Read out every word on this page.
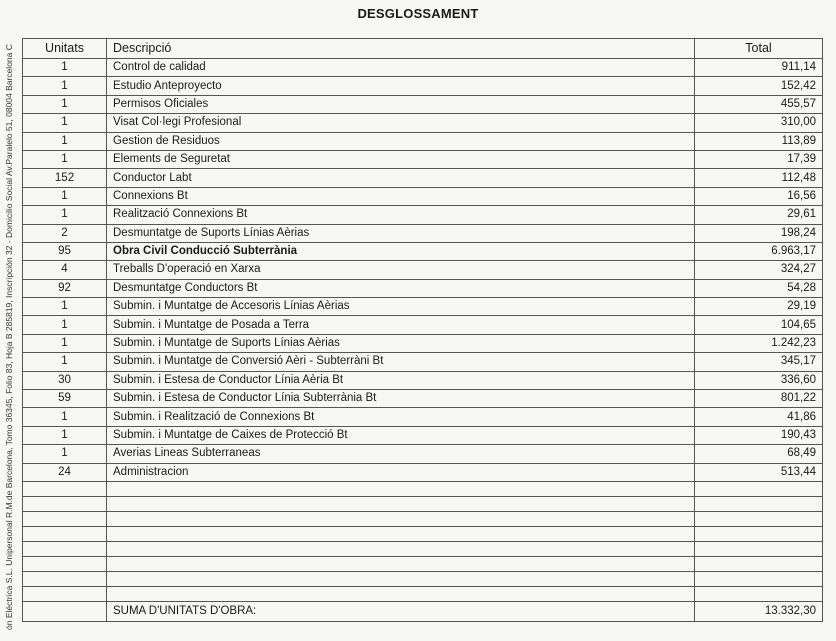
ón Eléctrica S.L. Unipersonal R.M.de Barcelona, Tomo 36345, Folio 83, Hoja B 285819, Inscripción 32 - Domicilio Social Av.Paralelo 51, 08004 Barcelona C
DESGLOSSAMENT
Unitats	Descripció	Total
1	Control de calidad	911,14
1	Estudio Anteproyecto	152,42
1	Permisos Oficiales	455,57
1	Visat Col·legi Profesional	310,00
1	Gestion de Residuos	113,89
1	Elements de Seguretat	17,39
152	Conductor Labt	112,48
1	Connexions Bt	16,56
1	Realització Connexions Bt	29,61
2	Desmuntatge de Suports Línias Aèrias	198,24
95	Obra Civil Conducció Subterrània	6.963,17
4	Treballs D'operació en Xarxa	324,27
92	Desmuntatge Conductors Bt	54,28
1	Submin. i Muntatge de Accesoris Línias Aèrias	29,19
1	Submin. i Muntatge de Posada a Terra	104,65
1	Submin. i Muntatge de Suports Línias Aèrias	1.242,23
1	Submin. i Muntatge de Conversió Aèri - Subterràni Bt	345,17
30	Submin. i Estesa de Conductor Línia Aèria Bt	336,60
59	Submin. i Estesa de Conductor Línia Subterrània Bt	801,22
1	Submin. i Realització de Connexions Bt	41,86
1	Submin. i Muntatge de Caixes de Protecció Bt	190,43
1	Averias Lineas Subterraneas	68,49
24	Administracion	513,44

	SUMA D'UNITATS D'OBRA:	13.332,30
